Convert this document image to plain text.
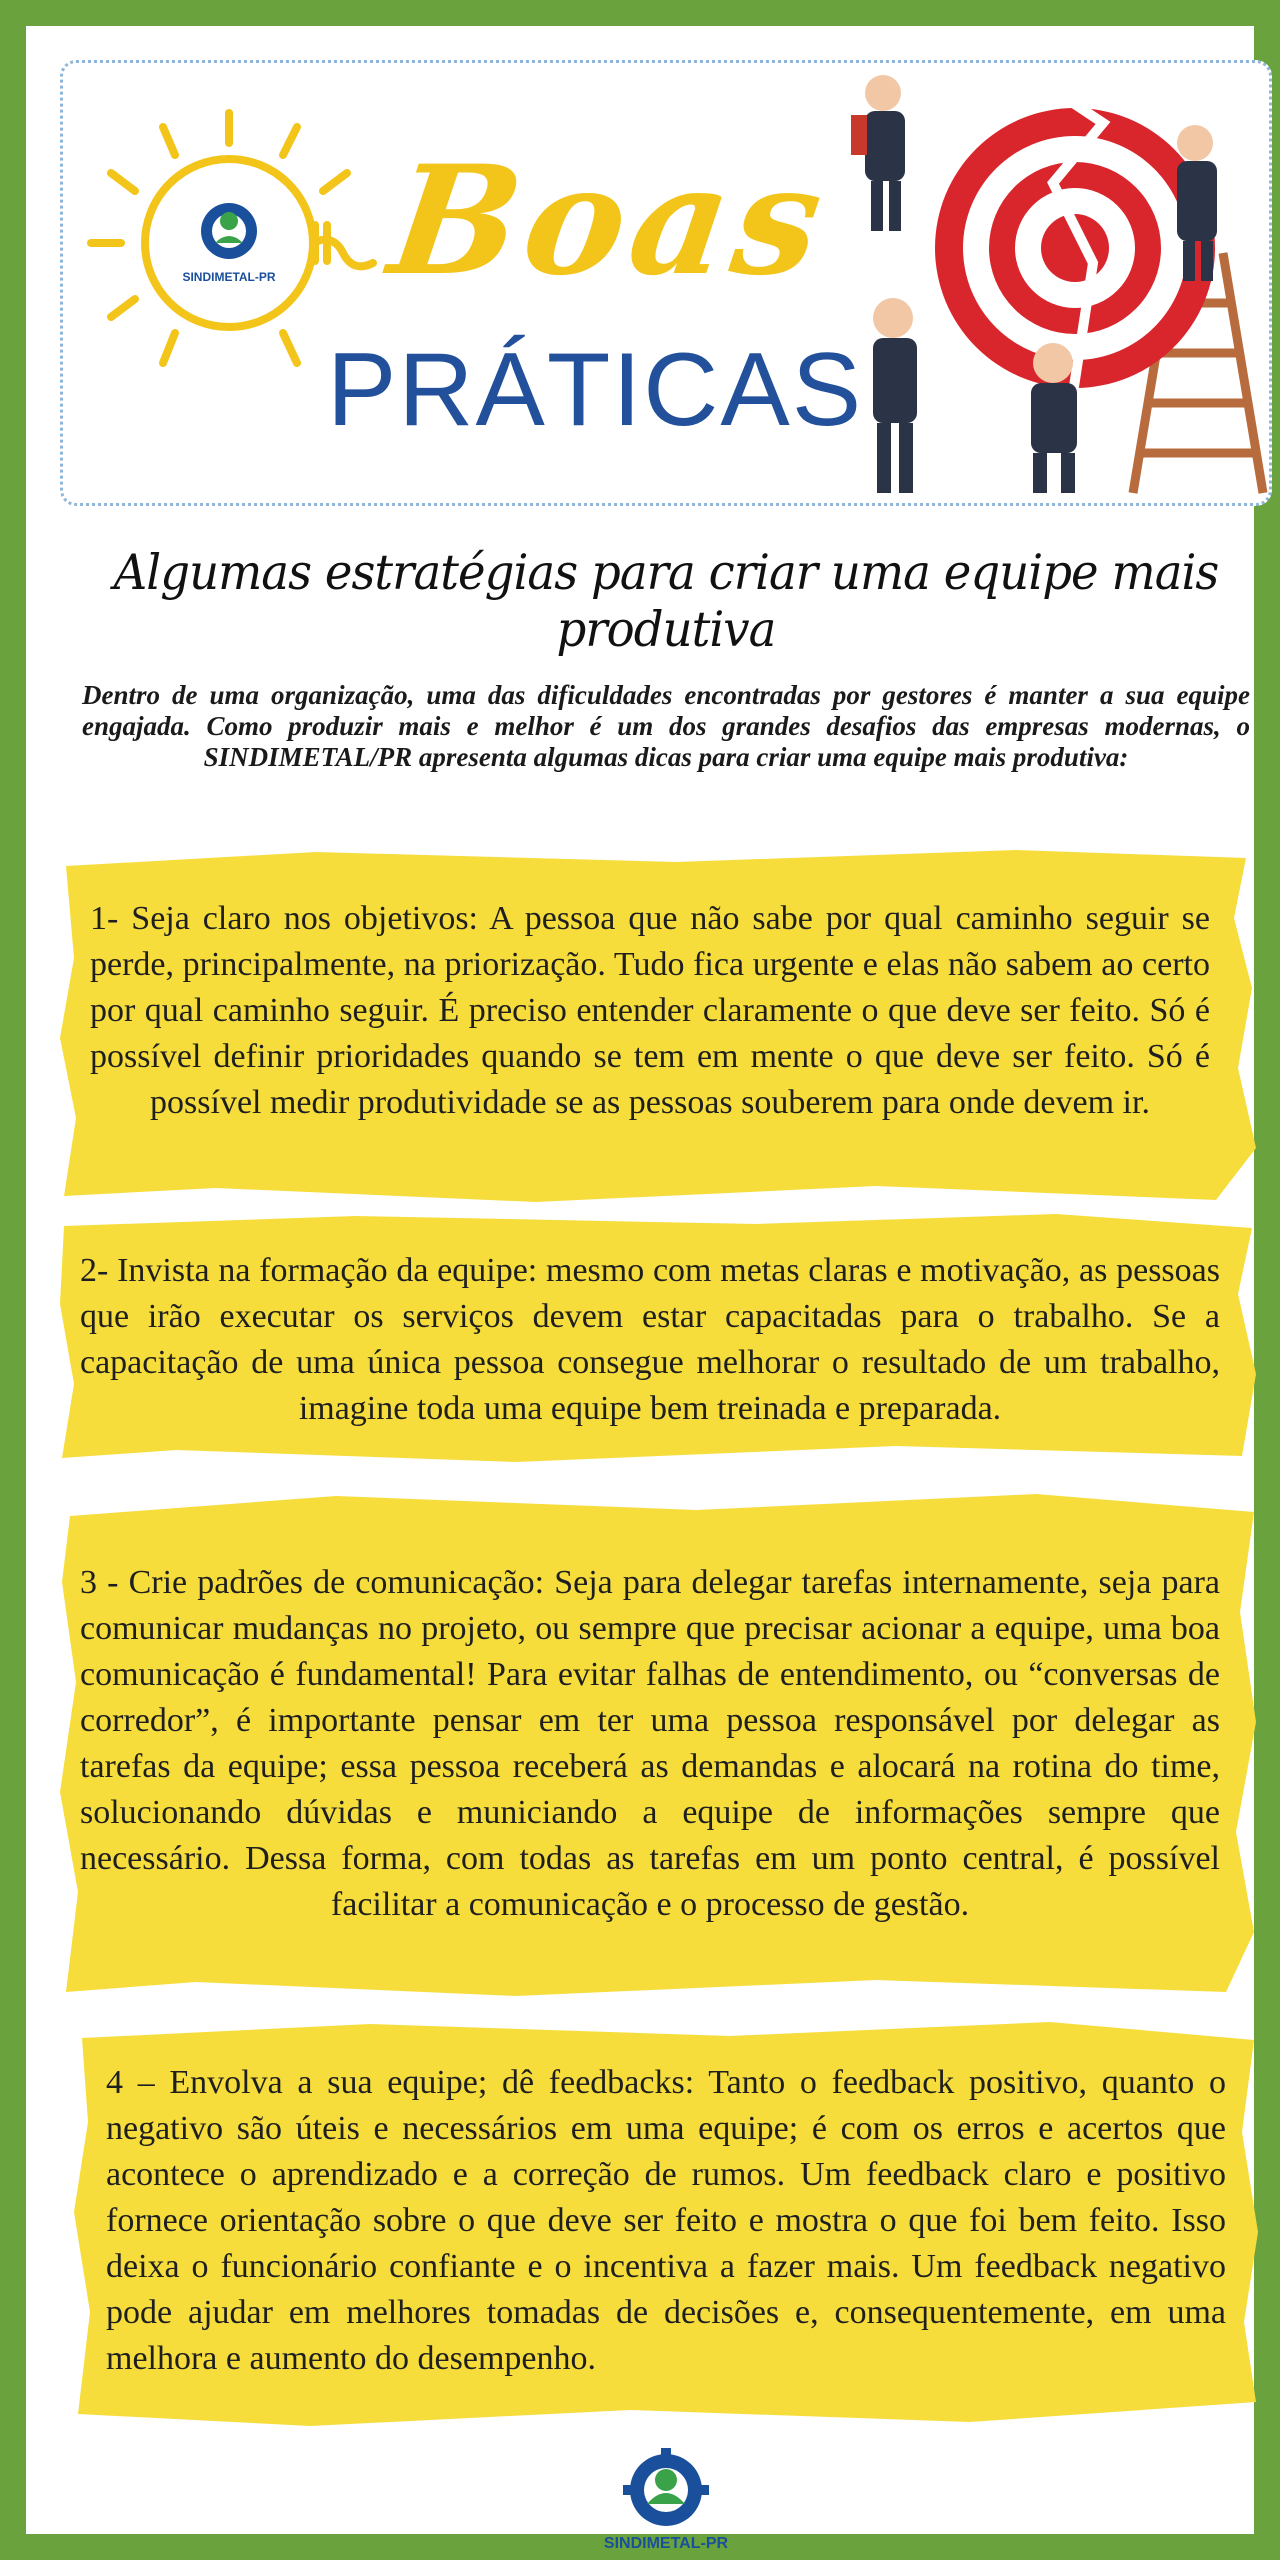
SINDIMETAL-PR Boas
PRÁTICAS
Algumas estratégias para criar uma equipe mais produtiva
Dentro de uma organização, uma das dificuldades encontradas por gestores é manter a sua equipe engajada. Como produzir mais e melhor é um dos grandes desafios das empresas modernas, o SINDIMETAL/PR apresenta algumas dicas para criar uma equipe mais produtiva:
1- Seja claro nos objetivos: A pessoa que não sabe por qual caminho seguir se perde, principalmente, na priorização. Tudo fica urgente e elas não sabem ao certo por qual caminho seguir. É preciso entender claramente o que deve ser feito. Só é possível definir prioridades quando se tem em mente o que deve ser feito. Só é possível medir produtividade se as pessoas souberem para onde devem ir.
2- Invista na formação da equipe: mesmo com metas claras e motivação, as pessoas que irão executar os serviços devem estar capacitadas para o trabalho. Se a capacitação de uma única pessoa consegue melhorar o resultado de um trabalho, imagine toda uma equipe bem treinada e preparada.
3 - Crie padrões de comunicação: Seja para delegar tarefas internamente, seja para comunicar mudanças no projeto, ou sempre que precisar acionar a equipe, uma boa comunicação é fundamental! Para evitar falhas de entendimento, ou “conversas de corredor”, é importante pensar em ter uma pessoa responsável por delegar as tarefas da equipe; essa pessoa receberá as demandas e alocará na rotina do time, solucionando dúvidas e municiando a equipe de informações sempre que necessário. Dessa forma, com todas as tarefas em um ponto central, é possível facilitar a comunicação e o processo de gestão.
4 – Envolva a sua equipe; dê feedbacks: Tanto o feedback positivo, quanto o negativo são úteis e necessários em uma equipe; é com os erros e acertos que acontece o aprendizado e a correção de rumos. Um feedback claro e positivo fornece orientação sobre o que deve ser feito e mostra o que foi bem feito. Isso deixa o funcionário confiante e o incentiva a fazer mais. Um feedback negativo pode ajudar em melhores tomadas de decisões e, consequentemente, em uma melhora e aumento do desempenho.
SINDIMETAL-PR
